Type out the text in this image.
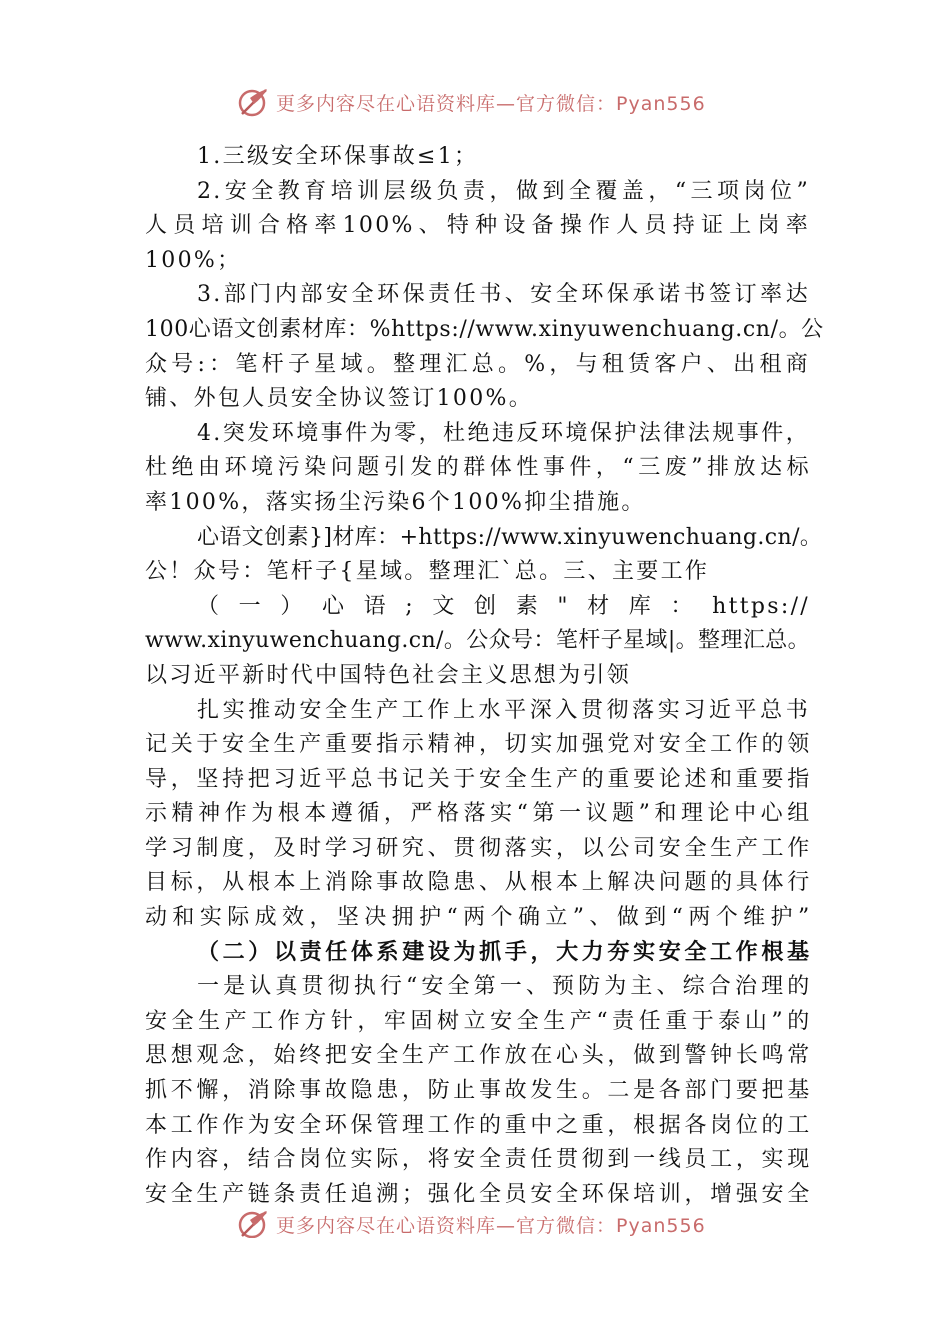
更多内容尽在心语资料库—官方微信：Pyan556
1.三级安全环保事故≤1；
2.安全教育培训层级负责，做到全覆盖，“三项岗位”
人员培训合格率100%、特种设备操作人员持证上岗率
100%；
3.部门内部安全环保责任书、安全环保承诺书签订率达
100心语文创素材库：%https://www.xinyuwenchuang.cn/。公
众号:：笔杆子星域。整理汇总。%，与租赁客户、出租商
铺、外包人员安全协议签订100%。
4.突发环境事件为零，杜绝违反环境保护法律法规事件，
杜绝由环境污染问题引发的群体性事件，“三废”排放达标
率100%，落实扬尘污染6个100%抑尘措施。
心语文创素}]材库：+https://www.xinyuwenchuang.cn/。
公！众号：笔杆子{星域。整理汇`总。三、主要工作
（一）心语;文创素"材库：https://
www.xinyuwenchuang.cn/。公众号：笔杆子星域|。整理汇总。
以习近平新时代中国特色社会主义思想为引领
扎实推动安全生产工作上水平深入贯彻落实习近平总书
记关于安全生产重要指示精神，切实加强党对安全工作的领
导，坚持把习近平总书记关于安全生产的重要论述和重要指
示精神作为根本遵循，严格落实“第一议题”和理论中心组
学习制度，及时学习研究、贯彻落实，以公司安全生产工作
目标，从根本上消除事故隐患、从根本上解决问题的具体行
动和实际成效，坚决拥护“两个确立”、做到“两个维护”
（二）以责任体系建设为抓手，大力夯实安全工作根基
一是认真贯彻执行“安全第一、预防为主、综合治理的
安全生产工作方针，牢固树立安全生产“责任重于泰山”的
思想观念，始终把安全生产工作放在心头，做到警钟长鸣常
抓不懈，消除事故隐患，防止事故发生。二是各部门要把基
本工作作为安全环保管理工作的重中之重，根据各岗位的工
作内容，结合岗位实际，将安全责任贯彻到一线员工，实现
安全生产链条责任追溯；强化全员安全环保培训，增强安全
更多内容尽在心语资料库—官方微信：Pyan556
